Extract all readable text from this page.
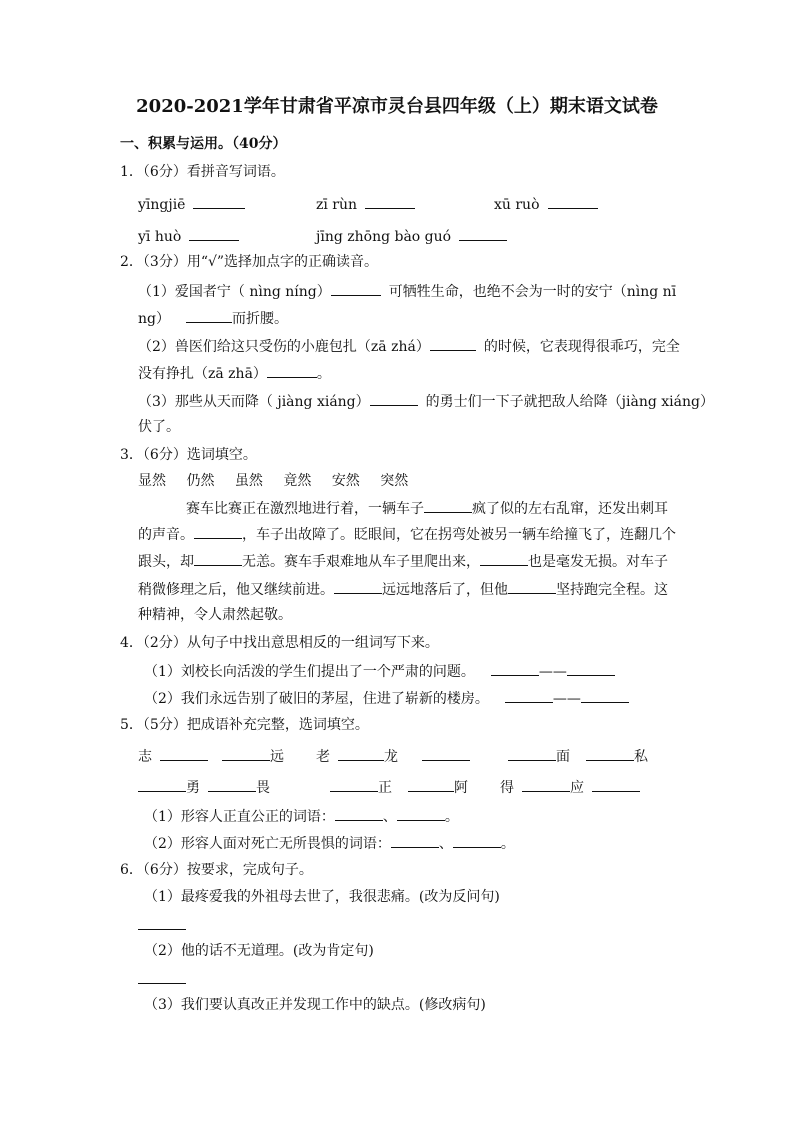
2020-2021学年甘肃省平凉市灵台县四年级（上）期末语文试卷
一、积累与运用。（40分）
1．（6分）看拼音写词语。
yīngjiē	zī rùn	xū ruò
yī huò	jīng zhōng bào guó
2．（3分）用“√”选择加点字的正确读音。
（1）爱国者宁（ nìng níng）	可牺牲生命，也绝不会为一时的安宁（nìng nī
ng）	而折腰。
（2）兽医们给这只受伤的小鹿包扎（zā zhá）	的时候，它表现得很乖巧，完全
没有挣扎（zā zhā）	。
（3）那些从天而降（ jiàng xiáng）	的勇士们一下子就把敌人给降（jiàng xiáng）
伏了。
3．（6分）选词填空。
显然 仍然 虽然 竟然 安然 突然
赛车比赛正在激烈地进行着，一辆车子	疯了似的左右乱窜，还发出刺耳
的声音。	，车子出故障了。眨眼间，它在拐弯处被另一辆车给撞飞了，连翻几个
跟头，却	无恙。赛车手艰难地从车子里爬出来，	也是毫发无损。对车子
稍微修理之后，他又继续前进。	远远地落后了，但他	坚持跑完全程。这
种精神，令人肃然起敬。
4．（2分）从句子中找出意思相反的一组词写下来。
（1）刘校长向活泼的学生们提出了一个严肃的问题。	——
（2）我们永远告别了破旧的茅屋，住进了崭新的楼房。	——
5．（5分）把成语补充完整，选词填空。
志	远 老	龙	面	私
勇	畏	正	阿 得	应
（1）形容人正直公正的词语：	、	。
（2）形容人面对死亡无所畏惧的词语：	、	。
6．（6分）按要求，完成句子。
（1）最疼爱我的外祖母去世了，我很悲痛。(改为反问句)
（2）他的话不无道理。(改为肯定句)
（3）我们要认真改正并发现工作中的缺点。(修改病句)
